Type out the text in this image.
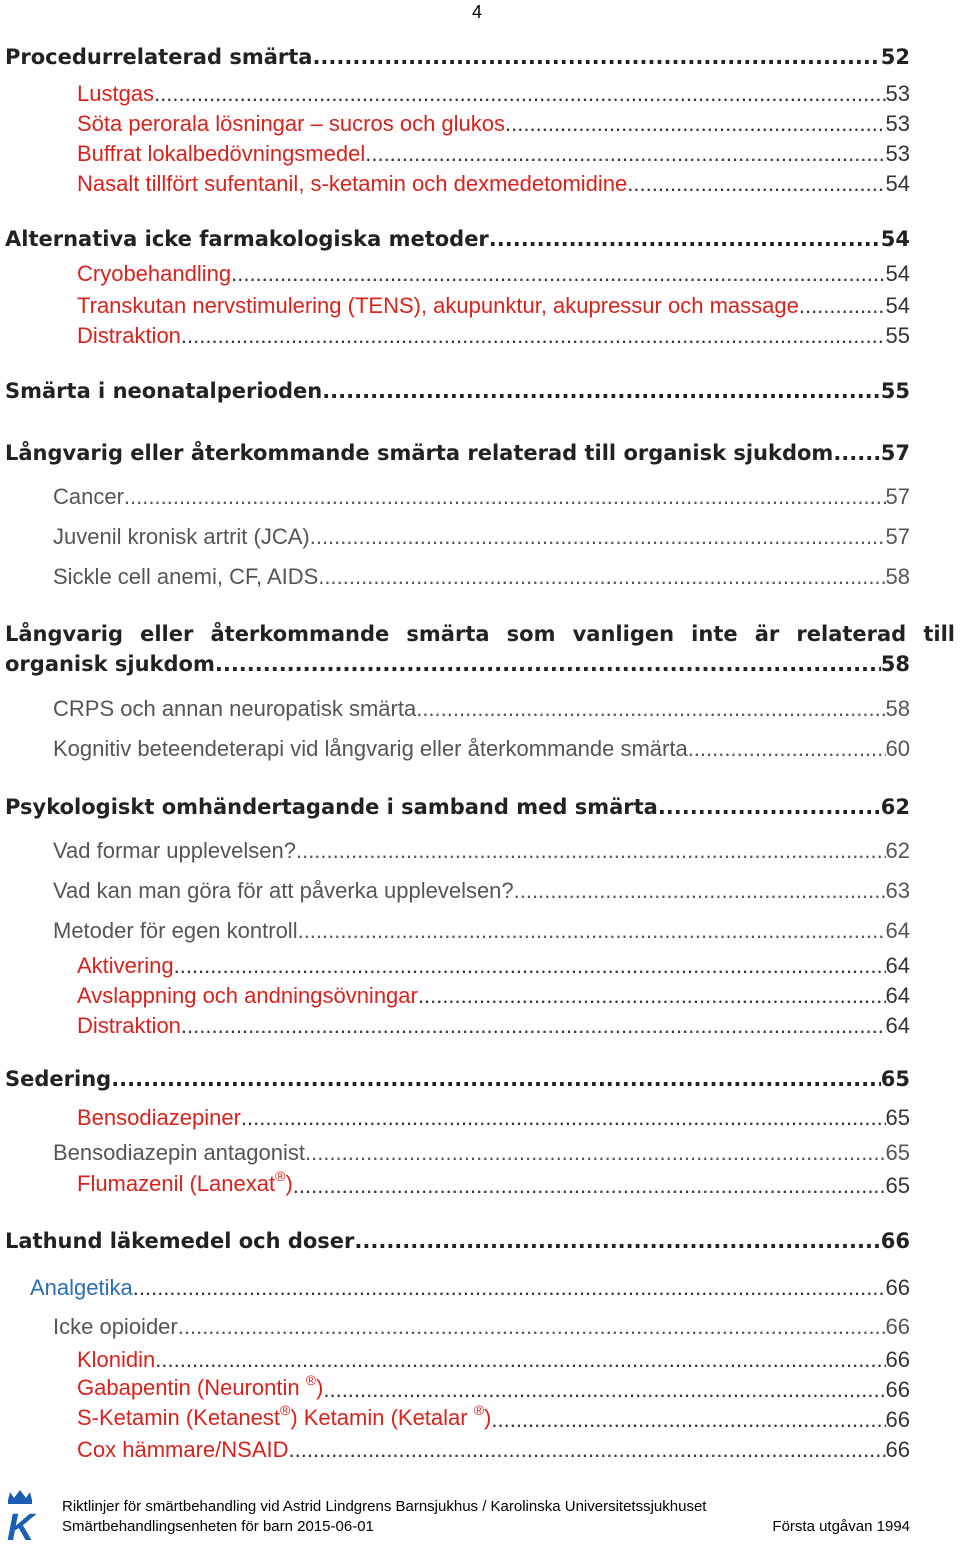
4
Procedurrelaterad smärta .....	52
Lustgas .....	53
Söta perorala lösningar – sucros och glukos .....	53
Buffrat lokalbedövningsmedel .....	53
Nasalt tillfört sufentanil, s-ketamin och dexmedetomidine .....	54
Alternativa icke farmakologiska metoder .....	54
Cryobehandling .....	54
Transkutan nervstimulering (TENS), akupunktur, akupressur och massage .....	54
Distraktion .....	55
Smärta i neonatalperioden .....	55
Långvarig eller återkommande smärta relaterad till organisk sjukdom ..... 57
Cancer .....	57
Juvenil kronisk artrit (JCA) .....	57
Sickle cell anemi, CF, AIDS .....	58
Långvarig eller återkommande smärta som vanligen inte är relaterad till
organisk sjukdom .....	58
CRPS och annan neuropatisk smärta .....	58
Kognitiv beteendeterapi vid långvarig eller återkommande smärta .....	60
Psykologiskt omhändertagande i samband med smärta .....	62
Vad formar upplevelsen? .....	62
Vad kan man göra för att påverka upplevelsen? .....	63
Metoder för egen kontroll .....	64
Aktivering .....	64
Avslappning och andningsövningar .....	64
Distraktion .....	64
Sedering .....	65
Bensodiazepiner .....	65
Bensodiazepin antagonist .....	65
Flumazenil (Lanexat®) .....	65
Lathund läkemedel och doser .....	66
Analgetika .....	66
Icke opioider .....	66
Klonidin .....	66
Gabapentin (Neurontin ®) .....	66
S-Ketamin (Ketanest®) Ketamin (Ketalar ®) .....	66
Cox hämmare/NSAID .....	66
K
Riktlinjer för smärtbehandling vid Astrid Lindgrens Barnsjukhus / Karolinska Universitetssjukhuset
Smärtbehandlingsenheten för barn 2015-06-01	Första utgåvan 1994
